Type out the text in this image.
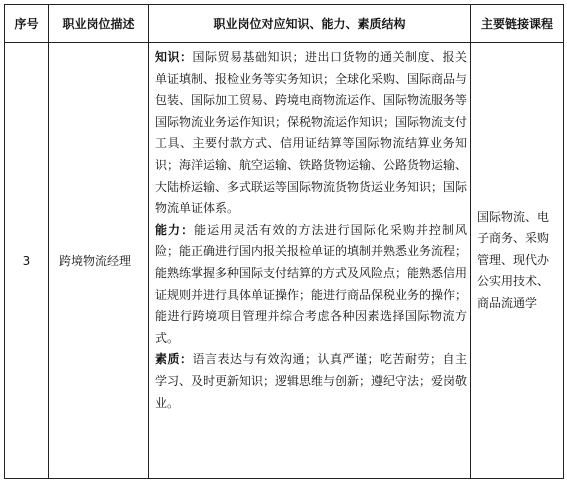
序号	职业岗位描述	职业岗位对应知识、能力、素质结构	主要链接课程
3	跨境物流经理	知识：国际贸易基础知识；进出口货物的通关制度、报关单证填制、报检业务等实务知识；全球化采购、国际商品与包装、国际加工贸易、跨境电商物流运作、国际物流服务等国际物流业务运作知识；保税物流运作知识；国际物流支付工具、主要付款方式、信用证结算等国际物流结算业务知识；海洋运输、航空运输、铁路货物运输、公路货物运输、大陆桥运输、多式联运等国际物流货物货运业务知识；国际物流单证体系。
能力：能运用灵活有效的方法进行国际化采购并控制风险；能正确进行国内报关报检单证的填制并熟悉业务流程；能熟练掌握多种国际支付结算的方式及风险点；能熟悉信用证规则并进行具体单证操作；能进行商品保税业务的操作；能进行跨境项目管理并综合考虑各种因素选择国际物流方式。
素质：语言表达与有效沟通；认真严谨；吃苦耐劳；自主学习、及时更新知识；逻辑思维与创新；遵纪守法；爱岗敬业。	国际物流、电子商务、采购管理、现代办公实用技术、商品流通学
